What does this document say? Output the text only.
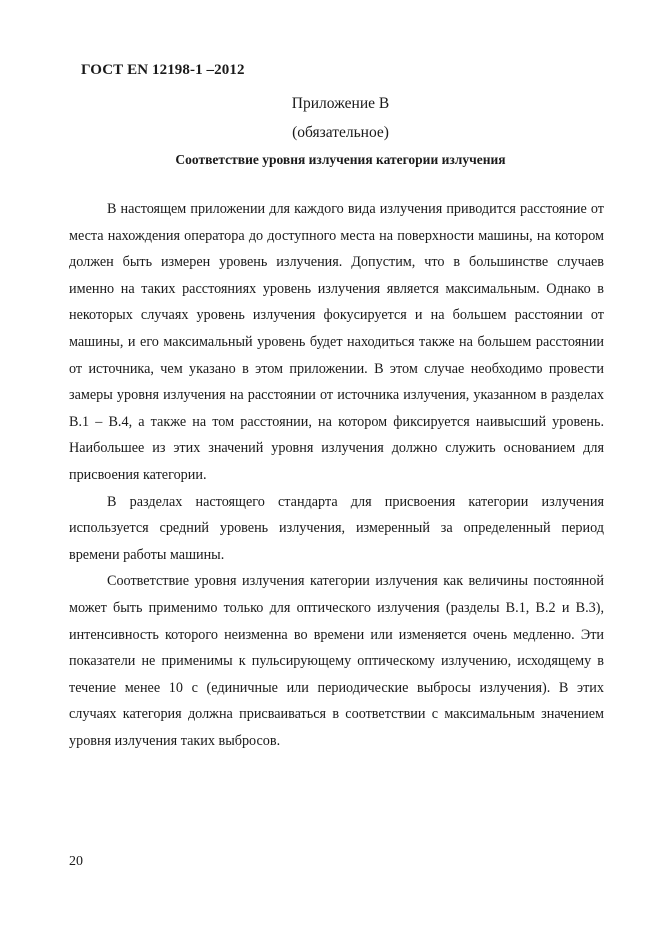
ГОСТ EN 12198-1 –2012
Приложение В
(обязательное)
Соответствие уровня излучения категории излучения

В настоящем приложении для каждого вида излучения приводится расстояние от места нахождения оператора до доступного места на поверхности машины, на котором должен быть измерен уровень излучения. Допустим, что в большинстве случаев именно на таких расстояниях уровень излучения является максимальным. Однако в некоторых случаях уровень излучения фокусируется и на большем расстоянии от машины, и его максимальный уровень будет находиться также на большем расстоянии от источника, чем указано в этом приложении. В этом случае необходимо провести замеры уровня излучения на расстоянии от источника излучения, указанном в разделах В.1 – В.4, а также на том расстоянии, на котором фиксируется наивысший уровень. Наибольшее из этих значений уровня излучения должно служить основанием для присвоения категории.

В разделах настоящего стандарта для присвоения категории излучения используется средний уровень излучения, измеренный за определенный период времени работы машины.

Соответствие уровня излучения категории излучения как величины постоянной может быть применимо только для оптического излучения (разделы В.1, В.2 и В.3), интенсивность которого неизменна во времени или изменяется очень медленно. Эти показатели не применимы к пульсирующему оптическому излучению, исходящему в течение менее 10 с (единичные или периодические выбросы излучения). В этих случаях категория должна присваиваться в соответствии с максимальным значением уровня излучения таких выбросов.

20
